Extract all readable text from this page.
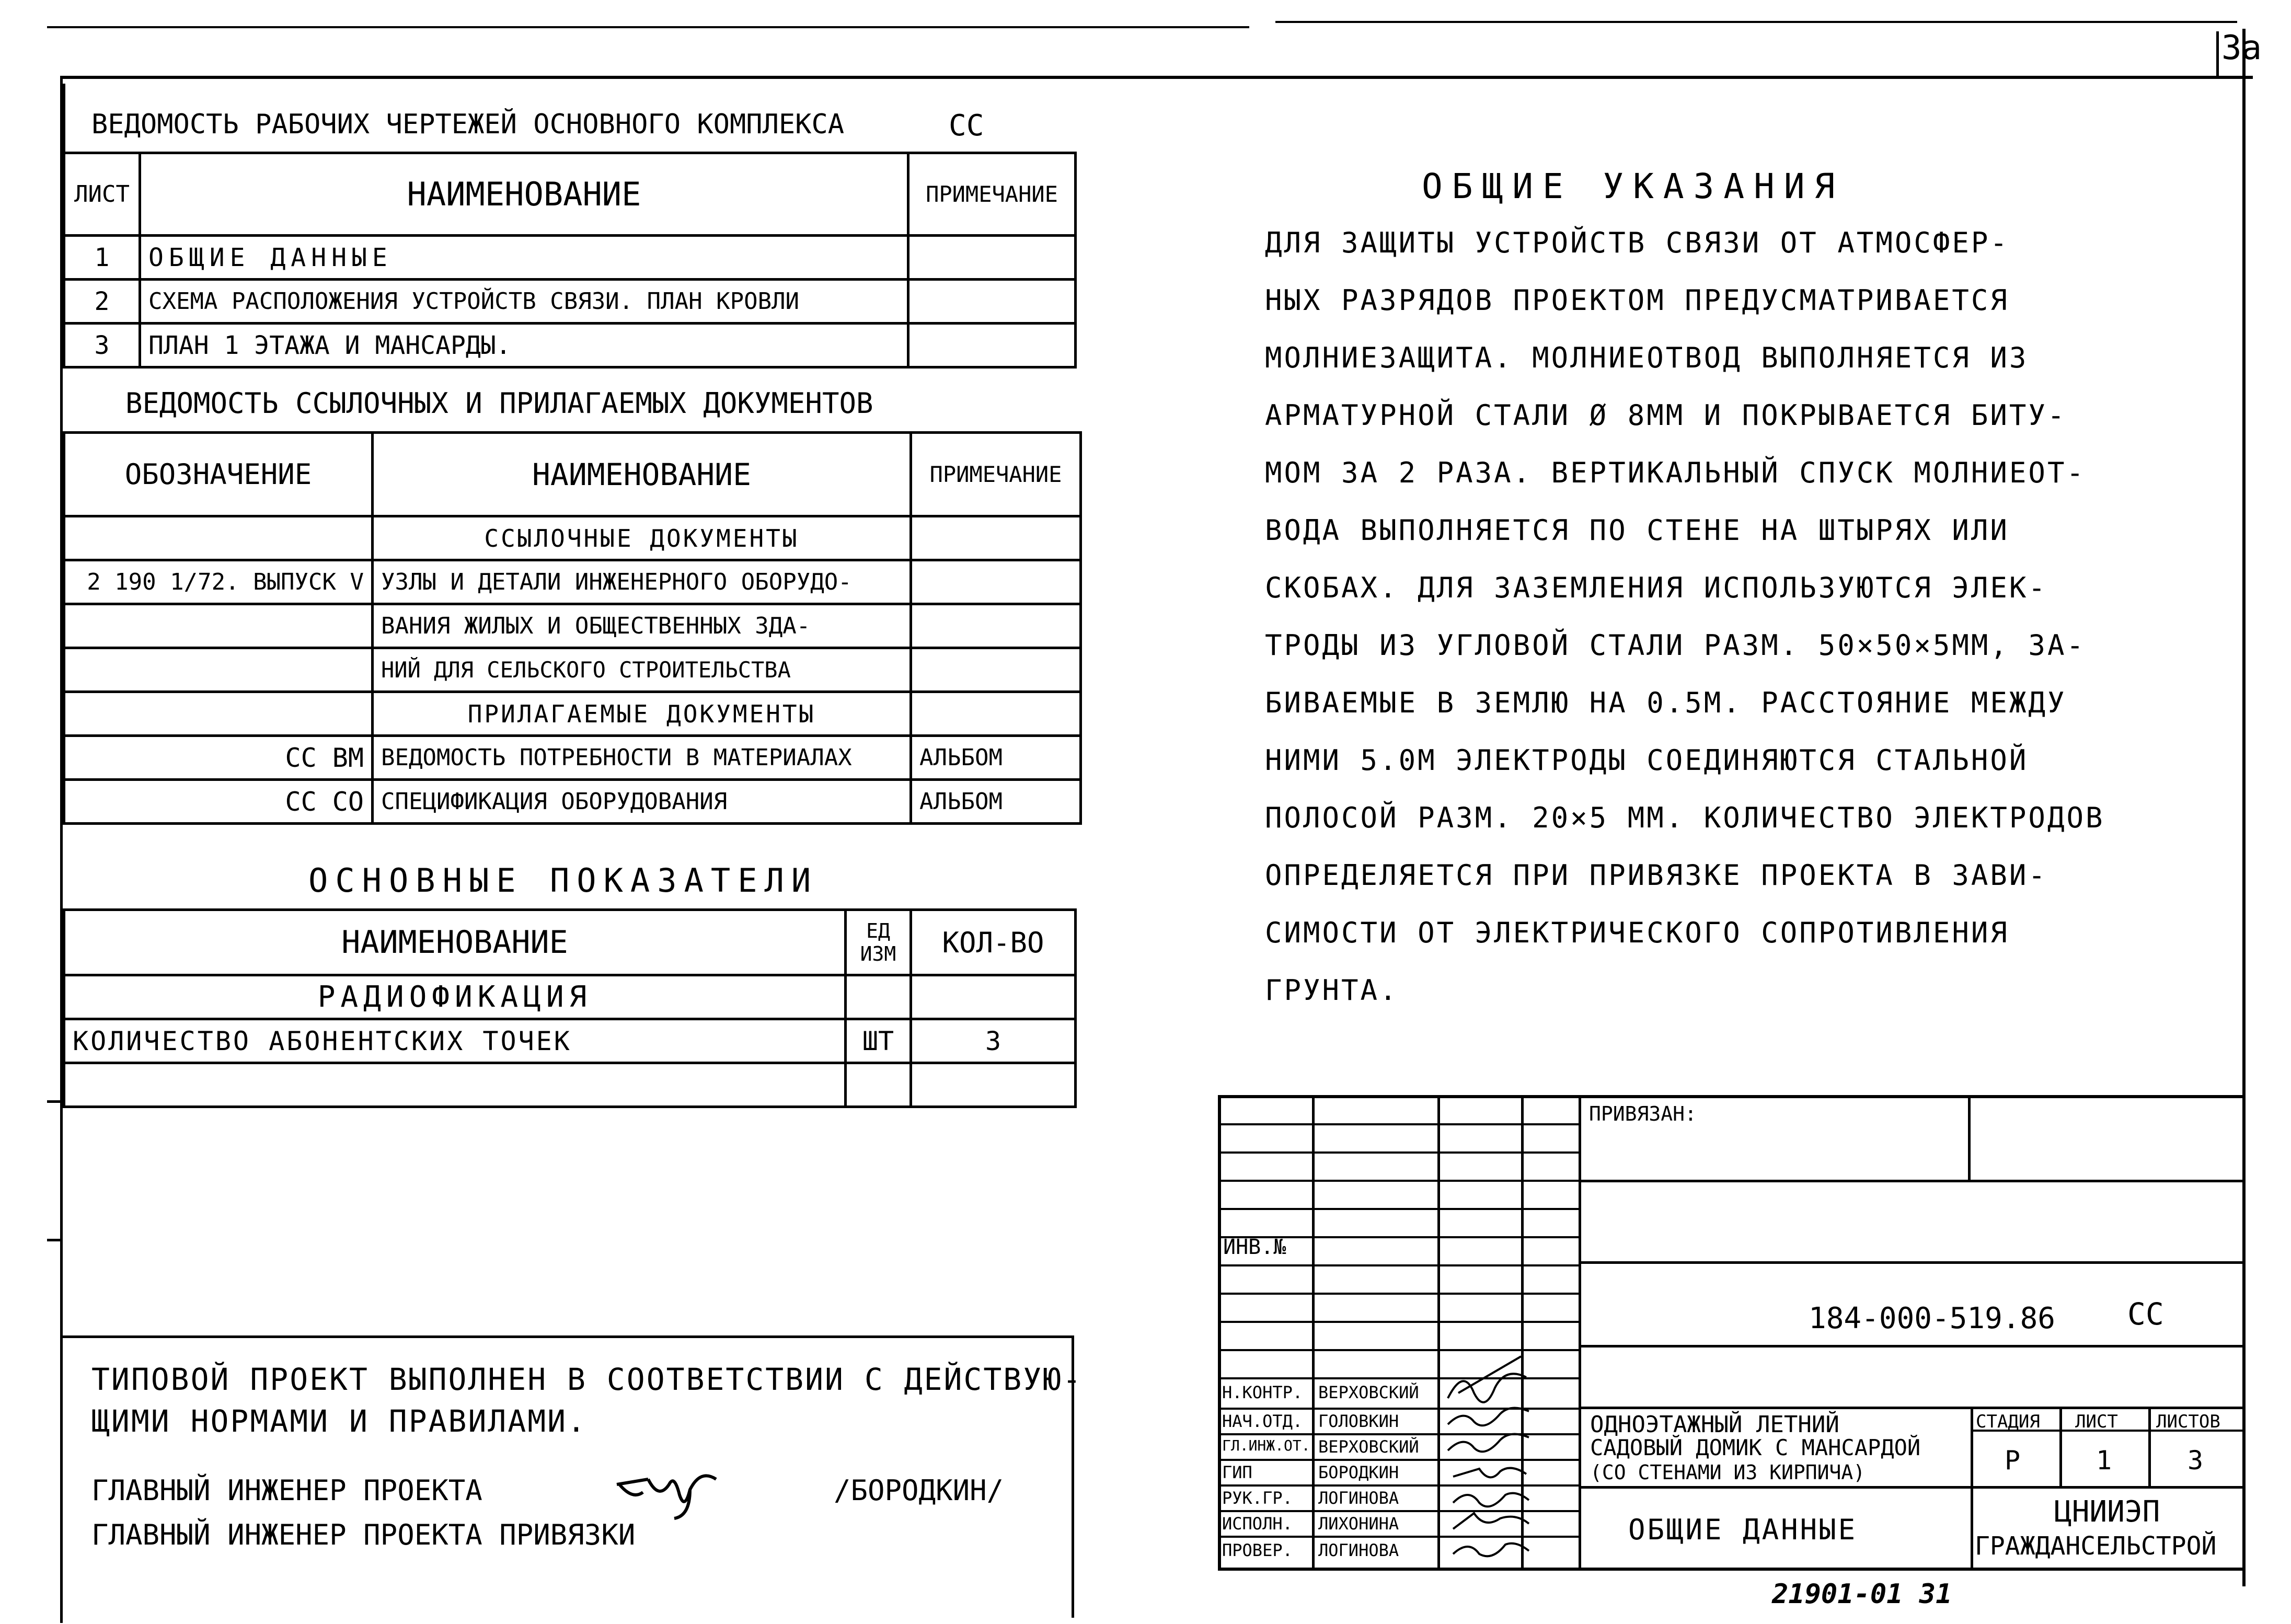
3a
ВЕДОМОСТЬ РАБОЧИХ ЧЕРТЕЖЕЙ ОСНОВНОГО КОМПЛЕКСА	СС
ЛИСТ	НАИМЕНОВАНИЕ	ПРИМЕЧАНИЕ
1	ОБЩИЕ ДАННЫЕ	
2	СХЕМА РАСПОЛОЖЕНИЯ УСТРОЙСТВ СВЯЗИ. ПЛАН КРОВЛИ	
3	ПЛАН 1 ЭТАЖА И МАНСАРДЫ.	
ВЕДОМОСТЬ ССЫЛОЧНЫХ И ПРИЛАГАЕМЫХ ДОКУМЕНТОВ
ОБОЗНАЧЕНИЕ	НАИМЕНОВАНИЕ	ПРИМЕЧАНИЕ
	ССЫЛОЧНЫЕ ДОКУМЕНТЫ	
2 190 1/72. ВЫПУСК V	УЗЛЫ И ДЕТАЛИ ИНЖЕНЕРНОГО ОБОРУДО-	
	ВАНИЯ ЖИЛЫХ И ОБЩЕСТВЕННЫХ ЗДА-	
	НИЙ ДЛЯ СЕЛЬСКОГО СТРОИТЕЛЬСТВА	
	ПРИЛАГАЕМЫЕ ДОКУМЕНТЫ	
СС ВМ	ВЕДОМОСТЬ ПОТРЕБНОСТИ В МАТЕРИАЛАХ	АЛЬБОМ
СС СО	СПЕЦИФИКАЦИЯ ОБОРУДОВАНИЯ	АЛЬБОМ
ОСНОВНЫЕ ПОКАЗАТЕЛИ
НАИМЕНОВАНИЕ	ЕД ИЗМ	КОЛ-ВО
РАДИОФИКАЦИЯ		
КОЛИЧЕСТВО АБОНЕНТСКИХ ТОЧЕК	ШТ	3

ОБЩИЕ УКАЗАНИЯ
ДЛЯ ЗАЩИТЫ УСТРОЙСТВ СВЯЗИ ОТ АТМОСФЕР-
НЫХ РАЗРЯДОВ ПРОЕКТОМ ПРЕДУСМАТРИВАЕТСЯ
МОЛНИЕЗАЩИТА. МОЛНИЕОТВОД ВЫПОЛНЯЕТСЯ ИЗ
АРМАТУРНОЙ СТАЛИ Ø 8ММ И ПОКРЫВАЕТСЯ БИТУ-
МОМ ЗА 2 РАЗА. ВЕРТИКАЛЬНЫЙ СПУСК МОЛНИЕОТ-
ВОДА ВЫПОЛНЯЕТСЯ ПО СТЕНЕ НА ШТЫРЯХ ИЛИ
СКОБАХ. ДЛЯ ЗАЗЕМЛЕНИЯ ИСПОЛЬЗУЮТСЯ ЭЛЕК-
ТРОДЫ ИЗ УГЛОВОЙ СТАЛИ РАЗМ. 50×50×5ММ, ЗА-
БИВАЕМЫЕ В ЗЕМЛЮ НА 0.5М. РАССТОЯНИЕ МЕЖДУ
НИМИ 5.0М ЭЛЕКТРОДЫ СОЕДИНЯЮТСЯ СТАЛЬНОЙ
ПОЛОСОЙ РАЗМ. 20×5 ММ. КОЛИЧЕСТВО ЭЛЕКТРОДОВ
ОПРЕДЕЛЯЕТСЯ ПРИ ПРИВЯЗКЕ ПРОЕКТА В ЗАВИ-
СИМОСТИ ОТ ЭЛЕКТРИЧЕСКОГО СОПРОТИВЛЕНИЯ
ГРУНТА.
ТИПОВОЙ ПРОЕКТ ВЫПОЛНЕН В СООТВЕТСТВИИ С ДЕЙСТВУЮ-
ЩИМИ НОРМАМИ И ПРАВИЛАМИ.
ГЛАВНЫЙ ИНЖЕНЕР ПРОЕКТА	/БОРОДКИН/
ГЛАВНЫЙ ИНЖЕНЕР ПРОЕКТА ПРИВЯЗКИ
ПРИВЯЗАН:
ИНВ.№
184-000-519.86 СС
Н.КОНТР. ВЕРХОВСКИЙ
НАЧ.ОТД. ГОЛОВКИН
ГЛ.ИНЖ.ОТ. ВЕРХОВСКИЙ
ГИП	БОРОДКИН
РУК.ГР. ЛОГИНОВА
ИСПОЛН. ЛИХОНИНА
ПРОВЕР. ЛОГИНОВА
ОДНОЭТАЖНЫЙ ЛЕТНИЙ
САДОВЫЙ ДОМИК С МАНСАРДОЙ
(СО СТЕНАМИ ИЗ КИРПИЧА)
ОБЩИЕ ДАННЫЕ
СТАДИЯ ЛИСТ ЛИСТОВ
Р	1	3
ЦНИИЭП
ГРАЖДАНСЕЛЬСТРОЙ
21901-01 31
